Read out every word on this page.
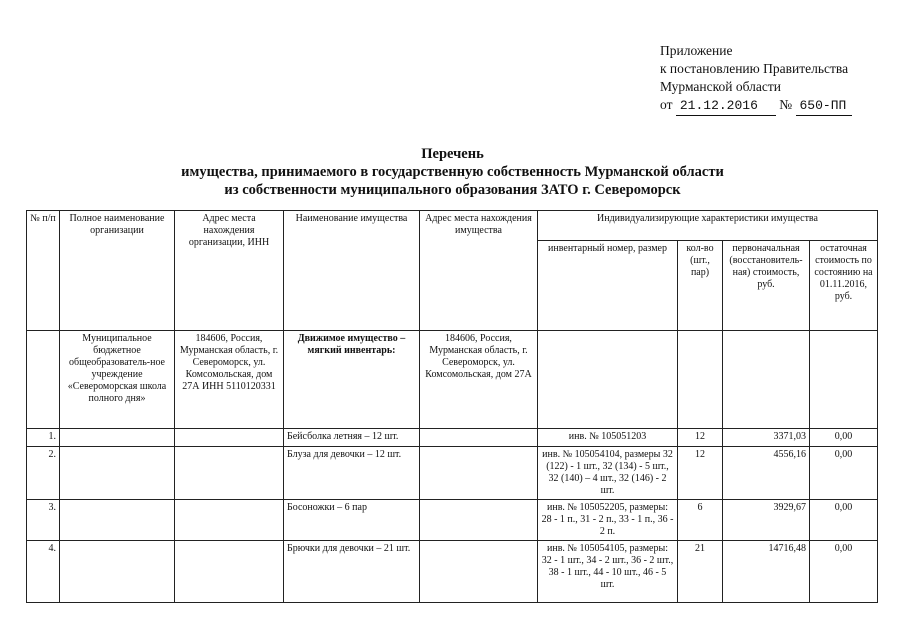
Приложение
к постановлению Правительства
Мурманской области
от 21.12.2016 № 650-ПП
Перечень
имущества, принимаемого в государственную собственность Мурманской области
из собственности муниципального образования ЗАТО г. Североморск
№ п/п	Полное наименование организации	Адрес места нахождения организации, ИНН	Наименование имущества	Адрес места нахождения имущества	Индивидуализирующие характеристики имущества			
					инвентарный номер, размер	кол-во (шт., пар)	первоначальная (восстановитель-ная) стоимость, руб.	остаточная стоимость по состоянию на 01.11.2016, руб.
	Муниципальное бюджетное общеобразователь-ное учреждение «Североморская школа полного дня»	184606, Россия, Мурманская область, г. Североморск, ул. Комсомольская, дом 27А ИНН 5110120331	Движимое имущество – мягкий инвентарь:	184606, Россия, Мурманская область, г. Североморск, ул. Комсомольская, дом 27А				
1.			Бейсболка летняя – 12 шт.		инв. № 105051203	12	3371,03	0,00
2.			Блуза для девочки – 12 шт.		инв. № 105054104, размеры 32 (122) - 1 шт., 32 (134) - 5 шт., 32 (140) – 4 шт., 32 (146) - 2 шт.	12	4556,16	0,00
3.			Босоножки – 6 пар		инв. № 105052205, размеры: 28 - 1 п., 31 - 2 п., 33 - 1 п., 36 - 2 п.	6	3929,67	0,00
4.			Брючки для девочки – 21 шт.		инв. № 105054105, размеры: 32 - 1 шт., 34 - 2 шт., 36 - 2 шт., 38 - 1 шт., 44 - 10 шт., 46 - 5 шт.	21	14716,48	0,00
